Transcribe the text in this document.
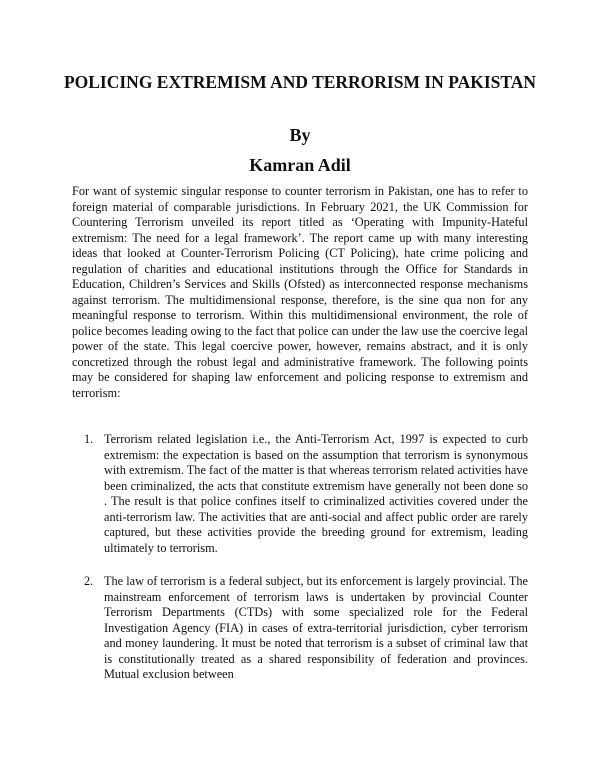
POLICING EXTREMISM AND TERRORISM IN PAKISTAN
By
Kamran Adil

For want of systemic singular response to counter terrorism in Pakistan, one has to refer to foreign material of comparable jurisdictions. In February 2021, the UK Commission for Countering Terrorism unveiled its report titled as ‘Operating with Impunity-Hateful extremism: The need for a legal framework’. The report came up with many interesting ideas that looked at Counter-Terrorism Policing (CT Policing), hate crime policing and regulation of charities and educational institutions through the Office for Standards in Education, Children’s Services and Skills (Ofsted) as interconnected response mechanisms against terrorism. The multidimensional response, therefore, is the sine qua non for any meaningful response to terrorism. Within this multidimensional environment, the role of police becomes leading owing to the fact that police can under the law use the coercive legal power of the state. This legal coercive power, however, remains abstract, and it is only concretized through the robust legal and administrative framework. The following points may be considered for shaping law enforcement and policing response to extremism and terrorism:

1. Terrorism related legislation i.e., the Anti-Terrorism Act, 1997 is expected to curb extremism: the expectation is based on the assumption that terrorism is synonymous with extremism. The fact of the matter is that whereas terrorism related activities have been criminalized, the acts that constitute extremism have generally not been done so . The result is that police confines itself to criminalized activities covered under the anti-terrorism law. The activities that are anti-social and affect public order are rarely captured, but these activities provide the breeding ground for extremism, leading ultimately to terrorism.
2. The law of terrorism is a federal subject, but its enforcement is largely provincial. The mainstream enforcement of terrorism laws is undertaken by provincial Counter Terrorism Departments (CTDs) with some specialized role for the Federal Investigation Agency (FIA) in cases of extra-territorial jurisdiction, cyber terrorism and money laundering. It must be noted that terrorism is a subset of criminal law that is constitutionally treated as a shared responsibility of federation and provinces. Mutual exclusion between
